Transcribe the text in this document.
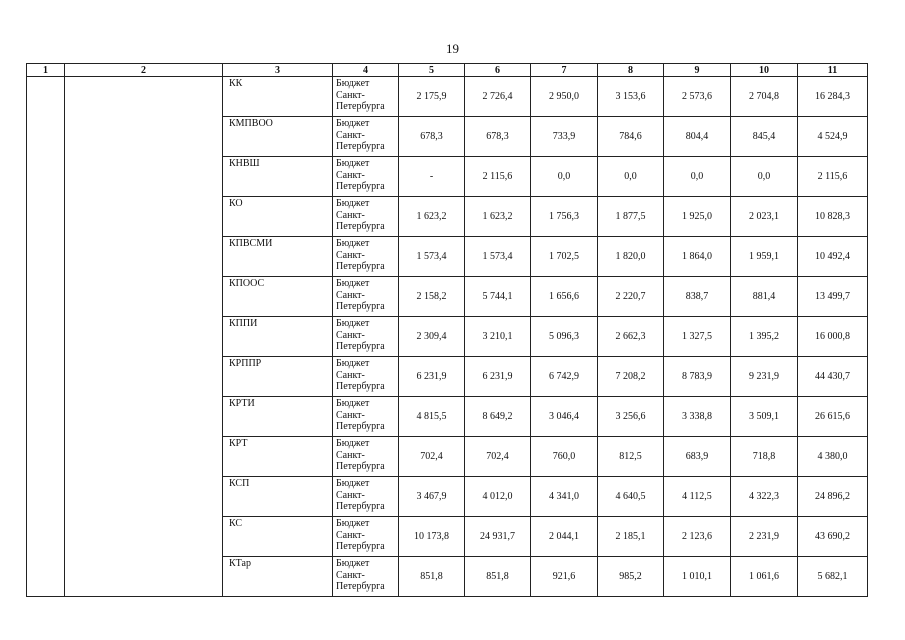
19
1	2	3	4	5	6	7	8	9	10	11
		КК	Бюджет
Санкт-
Петербурга	2 175,9	2 726,4	2 950,0	3 153,6	2 573,6	2 704,8	16 284,3
		КМПВОО	Бюджет
Санкт-
Петербурга	678,3	678,3	733,9	784,6	804,4	845,4	4 524,9
		КНВШ	Бюджет
Санкт-
Петербурга	-	2 115,6	0,0	0,0	0,0	0,0	2 115,6
		КО	Бюджет
Санкт-
Петербурга	1 623,2	1 623,2	1 756,3	1 877,5	1 925,0	2 023,1	10 828,3
		КПВСМИ	Бюджет
Санкт-
Петербурга	1 573,4	1 573,4	1 702,5	1 820,0	1 864,0	1 959,1	10 492,4
		КПООС	Бюджет
Санкт-
Петербурга	2 158,2	5 744,1	1 656,6	2 220,7	838,7	881,4	13 499,7
		КППИ	Бюджет
Санкт-
Петербурга	2 309,4	3 210,1	5 096,3	2 662,3	1 327,5	1 395,2	16 000,8
		КРППР	Бюджет
Санкт-
Петербурга	6 231,9	6 231,9	6 742,9	7 208,2	8 783,9	9 231,9	44 430,7
		КРТИ	Бюджет
Санкт-
Петербурга	4 815,5	8 649,2	3 046,4	3 256,6	3 338,8	3 509,1	26 615,6
		КРТ	Бюджет
Санкт-
Петербурга	702,4	702,4	760,0	812,5	683,9	718,8	4 380,0
		КСП	Бюджет
Санкт-
Петербурга	3 467,9	4 012,0	4 341,0	4 640,5	4 112,5	4 322,3	24 896,2
		КС	Бюджет
Санкт-
Петербурга	10 173,8	24 931,7	2 044,1	2 185,1	2 123,6	2 231,9	43 690,2
		КТар	Бюджет
Санкт-
Петербурга	851,8	851,8	921,6	985,2	1 010,1	1 061,6	5 682,1
